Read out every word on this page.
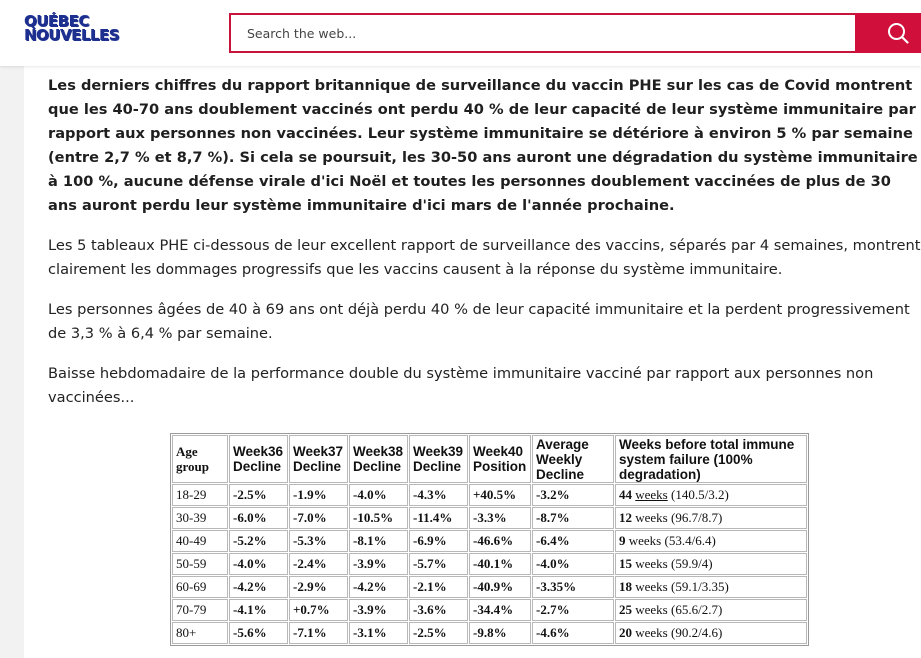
QUÉBEC
NOUVELLES
Search the web...

Les derniers chiffres du rapport britannique de surveillance du vaccin PHE sur les cas de Covid montrent que les 40-70 ans doublement vaccinés ont perdu 40 % de leur capacité de leur système immunitaire par rapport aux personnes non vaccinées. Leur système immunitaire se détériore à environ 5 % par semaine (entre 2,7 % et 8,7 %). Si cela se poursuit, les 30-50 ans auront une dégradation du système immunitaire à 100 %, aucune défense virale d'ici Noël et toutes les personnes doublement vaccinées de plus de 30 ans auront perdu leur système immunitaire d'ici mars de l'année prochaine.

Les 5 tableaux PHE ci-dessous de leur excellent rapport de surveillance des vaccins, séparés par 4 semaines, montrent clairement les dommages progressifs que les vaccins causent à la réponse du système immunitaire.

Les personnes âgées de 40 à 69 ans ont déjà perdu 40 % de leur capacité immunitaire et la perdent progressivement de 3,3 % à 6,4 % par semaine.

Baisse hebdomadaire de la performance double du système immunitaire vacciné par rapport aux personnes non vaccinées...

Age group	Week36 Decline	Week37 Decline	Week38 Decline	Week39 Decline	Week40 Position	Average Weekly Decline	Weeks before total immune system failure (100% degradation)
18-29	-2.5%	-1.9%	-4.0%	-4.3%	+40.5%	-3.2%	44 weeks (140.5/3.2)
30-39	-6.0%	-7.0%	-10.5%	-11.4%	-3.3%	-8.7%	12 weeks (96.7/8.7)
40-49	-5.2%	-5.3%	-8.1%	-6.9%	-46.6%	-6.4%	9 weeks (53.4/6.4)
50-59	-4.0%	-2.4%	-3.9%	-5.7%	-40.1%	-4.0%	15 weeks (59.9/4)
60-69	-4.2%	-2.9%	-4.2%	-2.1%	-40.9%	-3.35%	18 weeks (59.1/3.35)
70-79	-4.1%	+0.7%	-3.9%	-3.6%	-34.4%	-2.7%	25 weeks (65.6/2.7)
80+	-5.6%	-7.1%	-3.1%	-2.5%	-9.8%	-4.6%	20 weeks (90.2/4.6)
